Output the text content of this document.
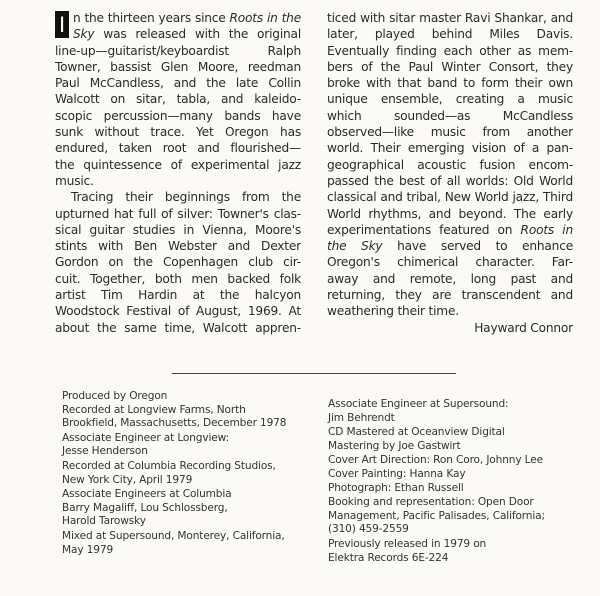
I n the thirteen years since Roots in the
Sky was released with the original
line-up—guitarist/keyboardist Ralph
Towner, bassist Glen Moore, reedman
Paul McCandless, and the late Collin
Walcott on sitar, tabla, and kaleido-
scopic percussion—many bands have
sunk without trace. Yet Oregon has
endured, taken root and flourished—
the quintessence of experimental jazz
music.
Tracing their beginnings from the
upturned hat full of silver: Towner's clas-
sical guitar studies in Vienna, Moore's
stints with Ben Webster and Dexter
Gordon on the Copenhagen club cir-
cuit. Together, both men backed folk
artist Tim Hardin at the halcyon
Woodstock Festival of August, 1969. At
about the same time, Walcott appren-
ticed with sitar master Ravi Shankar, and
later, played behind Miles Davis.
Eventually finding each other as mem-
bers of the Paul Winter Consort, they
broke with that band to form their own
unique ensemble, creating a music
which sounded—as McCandless
observed—like music from another
world. Their emerging vision of a pan-
geographical acoustic fusion encom-
passed the best of all worlds: Old World
classical and tribal, New World jazz, Third
World rhythms, and beyond. The early
experimentations featured on Roots in
the Sky have served to enhance
Oregon's chimerical character. Far-
away and remote, long past and
returning, they are transcendent and
weathering their time.
Hayward Connor
Produced by Oregon
Recorded at Longview Farms, North
Brookfield, Massachusetts, December 1978
Associate Engineer at Longview:
Jesse Henderson
Recorded at Columbia Recording Studios,
New York City, April 1979
Associate Engineers at Columbia
Barry Magaliff, Lou Schlossberg,
Harold Tarowsky
Mixed at Supersound, Monterey, California,
May 1979
Associate Engineer at Supersound:
Jim Behrendt
CD Mastered at Oceanview Digital
Mastering by Joe Gastwirt
Cover Art Direction: Ron Coro, Johnny Lee
Cover Painting: Hanna Kay
Photograph: Ethan Russell
Booking and representation: Open Door
Management, Pacific Palisades, California;
(310) 459-2559
Previously released in 1979 on
Elektra Records 6E-224
